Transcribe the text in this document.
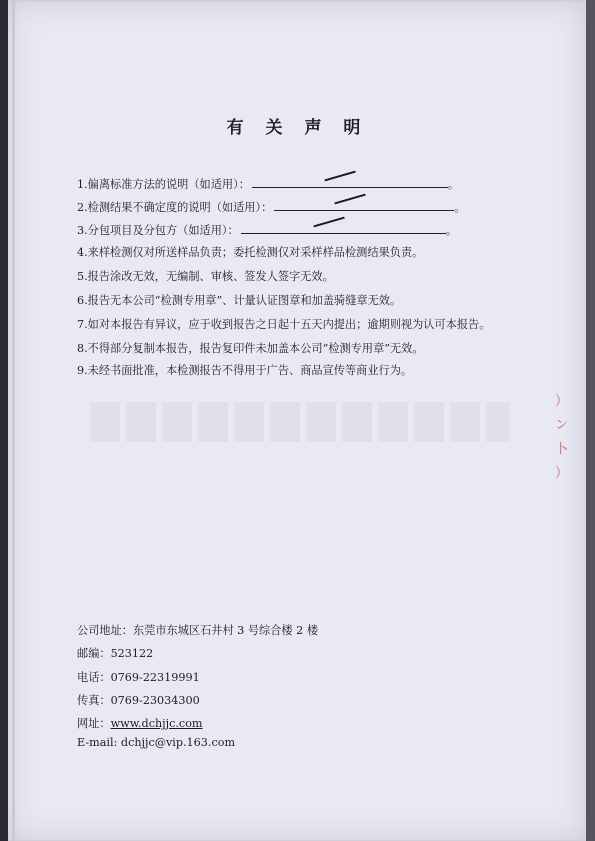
有 关 声 明
1.偏离标准方法的说明（如适用）：	。
2.检测结果不确定度的说明（如适用）：	。
3.分包项目及分包方（如适用）：	。
4.来样检测仅对所送样品负责；委托检测仅对采样样品检测结果负责。
5.报告涂改无效，无编制、审核、签发人签字无效。
6.报告无本公司“检测专用章”、计量认证图章和加盖骑缝章无效。
7.如对本报告有异议，应于收到报告之日起十五天内提出；逾期则视为认可本报告。
8.不得部分复制本报告，报告复印件未加盖本公司“检测专用章”无效。
9.未经书面批准，本检测报告不得用于广告、商品宣传等商业行为。
）
ン
卜
）
公司地址：东莞市东城区石井村 3 号综合楼 2 楼
邮编：523122
电话：0769-22319991
传真：0769-23034300
网址：www.dchjjc.com
E-mail: dchjjc@vip.163.com
